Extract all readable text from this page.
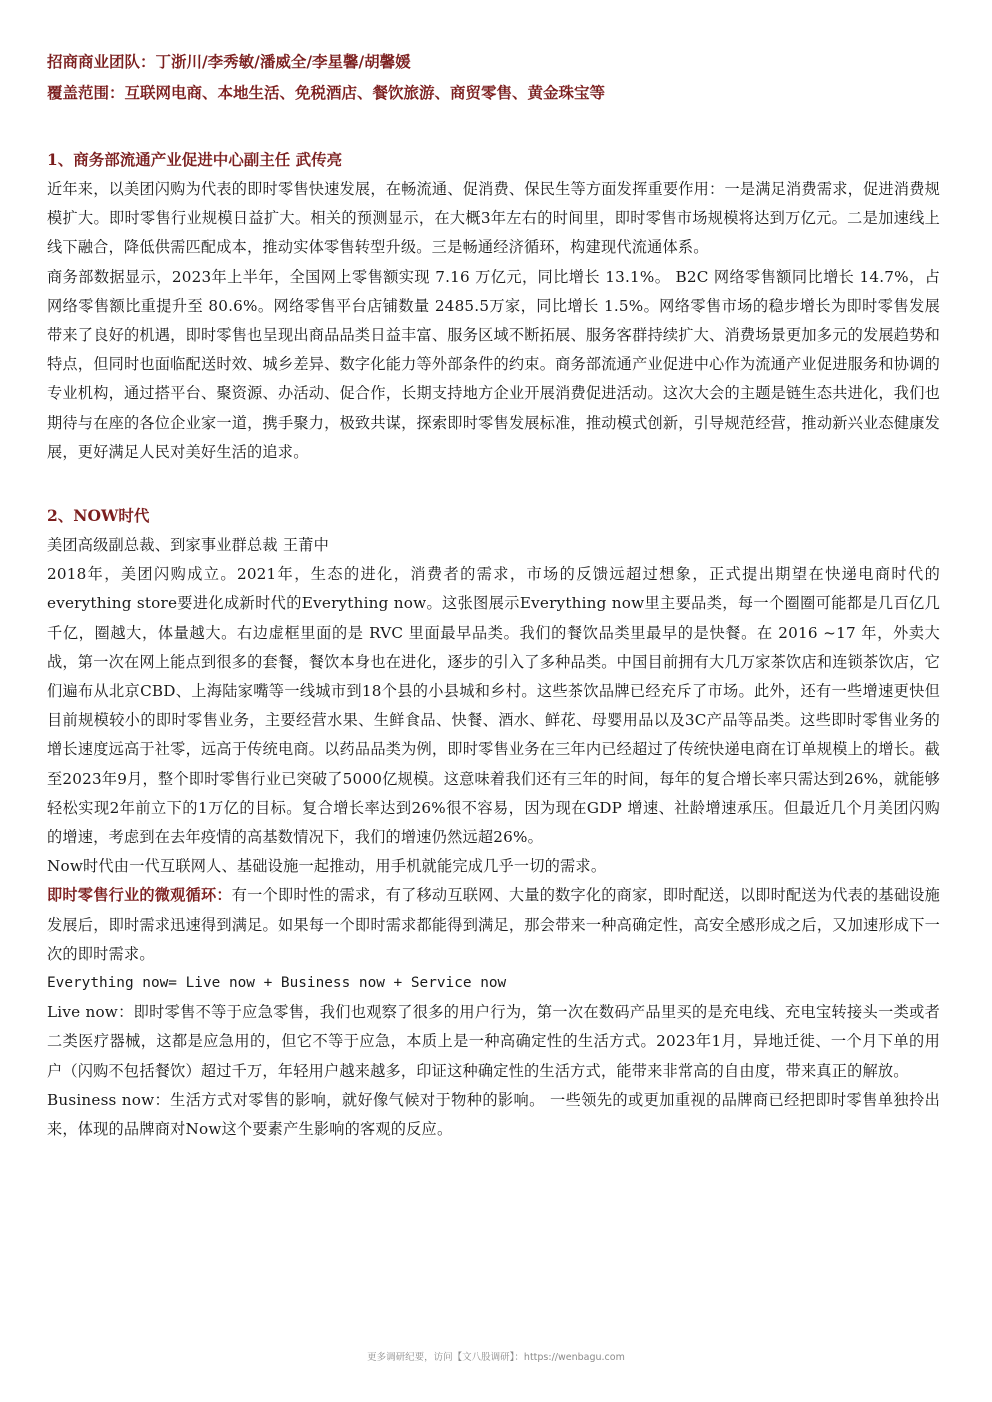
招商商业团队：丁浙川/李秀敏/潘威全/李星馨/胡馨媛

覆盖范围：互联网电商、本地生活、免税酒店、餐饮旅游、商贸零售、黄金珠宝等

1、商务部流通产业促进中心副主任 武传亮

近年来，以美团闪购为代表的即时零售快速发展，在畅流通、促消费、保民生等方面发挥重要作用：一是满足消费需求，促进消费规模扩大。即时零售行业规模日益扩大。相关的预测显示，在大概3年左右的时间里，即时零售市场规模将达到万亿元。二是加速线上线下融合，降低供需匹配成本，推动实体零售转型升级。三是畅通经济循环，构建现代流通体系。

商务部数据显示，2023年上半年，全国网上零售额实现 7.16 万亿元，同比增长 13.1%。 B2C 网络零售额同比增长 14.7%，占网络零售额比重提升至 80.6%。网络零售平台店铺数量 2485.5万家，同比增长 1.5%。网络零售市场的稳步增长为即时零售发展带来了良好的机遇，即时零售也呈现出商品品类日益丰富、服务区域不断拓展、服务客群持续扩大、消费场景更加多元的发展趋势和特点，但同时也面临配送时效、城乡差异、数字化能力等外部条件的约束。商务部流通产业促进中心作为流通产业促进服务和协调的专业机构，通过搭平台、聚资源、办活动、促合作，长期支持地方企业开展消费促进活动。这次大会的主题是链生态共进化，我们也期待与在座的各位企业家一道，携手聚力，极致共谋，探索即时零售发展标准，推动模式创新，引导规范经营，推动新兴业态健康发展，更好满足人民对美好生活的追求。

2、NOW时代

美团高级副总裁、到家事业群总裁 王莆中

2018年，美团闪购成立。2021年，生态的进化，消费者的需求，市场的反馈远超过想象，正式提出期望在快递电商时代的everything store要进化成新时代的Everything now。这张图展示Everything now里主要品类，每一个圈圈可能都是几百亿几千亿，圈越大，体量越大。右边虚框里面的是 RVC 里面最早品类。我们的餐饮品类里最早的是快餐。在 2016 ~17 年，外卖大战，第一次在网上能点到很多的套餐，餐饮本身也在进化，逐步的引入了多种品类。中国目前拥有大几万家茶饮店和连锁茶饮店，它们遍布从北京CBD、上海陆家嘴等一线城市到18个县的小县城和乡村。这些茶饮品牌已经充斥了市场。此外，还有一些增速更快但目前规模较小的即时零售业务，主要经营水果、生鲜食品、快餐、酒水、鲜花、母婴用品以及3C产品等品类。这些即时零售业务的增长速度远高于社零，远高于传统电商。以药品品类为例，即时零售业务在三年内已经超过了传统快递电商在订单规模上的增长。截至2023年9月，整个即时零售行业已突破了5000亿规模。这意味着我们还有三年的时间，每年的复合增长率只需达到26%，就能够轻松实现2年前立下的1万亿的目标。复合增长率达到26%很不容易，因为现在GDP 增速、社龄增速承压。但最近几个月美团闪购的增速，考虑到在去年疫情的高基数情况下，我们的增速仍然远超26%。

Now时代由一代互联网人、基础设施一起推动，用手机就能完成几乎一切的需求。

即时零售行业的微观循环：有一个即时性的需求，有了移动互联网、大量的数字化的商家，即时配送，以即时配送为代表的基础设施发展后，即时需求迅速得到满足。如果每一个即时需求都能得到满足，那会带来一种高确定性，高安全感形成之后，又加速形成下一次的即时需求。

Everything now= Live now + Business now + Service now

Live now：即时零售不等于应急零售，我们也观察了很多的用户行为，第一次在数码产品里买的是充电线、充电宝转接头一类或者二类医疗器械，这都是应急用的，但它不等于应急，本质上是一种高确定性的生活方式。2023年1月，异地迁徙、一个月下单的用户（闪购不包括餐饮）超过千万，年轻用户越来越多，印证这种确定性的生活方式，能带来非常高的自由度，带来真正的解放。

Business now：生活方式对零售的影响，就好像气候对于物种的影响。 一些领先的或更加重视的品牌商已经把即时零售单独拎出来，体现的品牌商对Now这个要素产生影响的客观的反应。

更多调研纪要，访问【文八股调研】：https://wenbagu.com
